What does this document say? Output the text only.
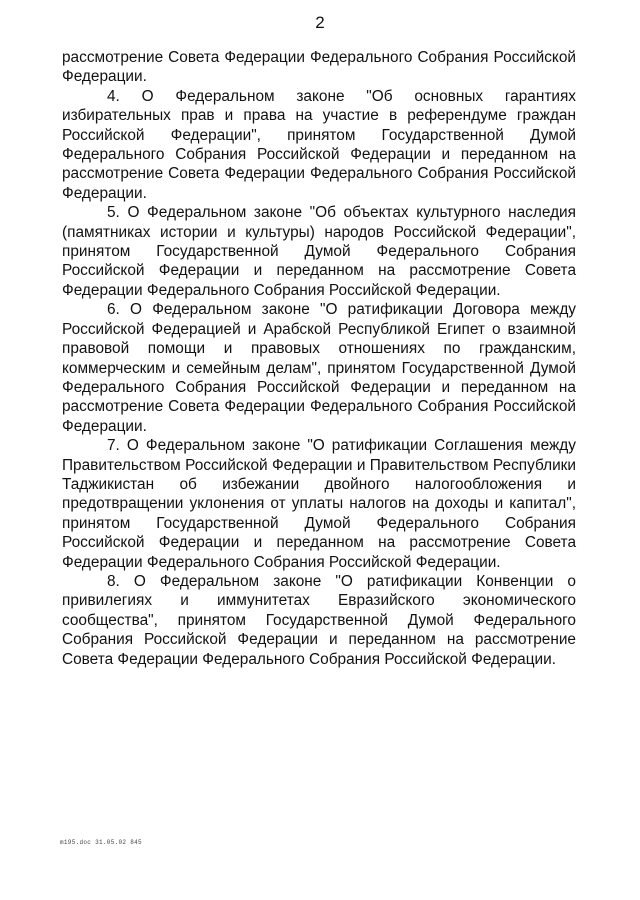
2

рассмотрение Совета Федерации Федерального Собрания Российской Федерации.

4. О Федеральном законе "Об основных гарантиях избирательных прав и права на участие в референдуме граждан Российской Федерации", принятом Государственной Думой Федерального Собрания Российской Федерации и переданном на рассмотрение Совета Федерации Федерального Собрания Российской Федерации.

5. О Федеральном законе "Об объектах культурного наследия (памятниках истории и культуры) народов Российской Федерации", принятом Государственной Думой Федерального Собрания Российской Федерации и переданном на рассмотрение Совета Федерации Федерального Собрания Российской Федерации.

6. О Федеральном законе "О ратификации Договора между Российской Федерацией и Арабской Республикой Египет о взаимной правовой помощи и правовых отношениях по гражданским, коммерческим и семейным делам", принятом Государственной Думой Федерального Собрания Российской Федерации и переданном на рассмотрение Совета Федерации Федерального Собрания Российской Федерации.

7. О Федеральном законе "О ратификации Соглашения между Правительством Российской Федерации и Правительством Республики Таджикистан об избежании двойного налогообложения и предотвращении уклонения от уплаты налогов на доходы и капитал", принятом Государственной Думой Федерального Собрания Российской Федерации и переданном на рассмотрение Совета Федерации Федерального Собрания Российской Федерации.

8. О Федеральном законе "О ратификации Конвенции о привилегиях и иммунитетах Евразийского экономического сообщества", принятом Государственной Думой Федерального Собрания Российской Федерации и переданном на рассмотрение Совета Федерации Федерального Собрания Российской Федерации.

m195.doc 31.05.02 845
